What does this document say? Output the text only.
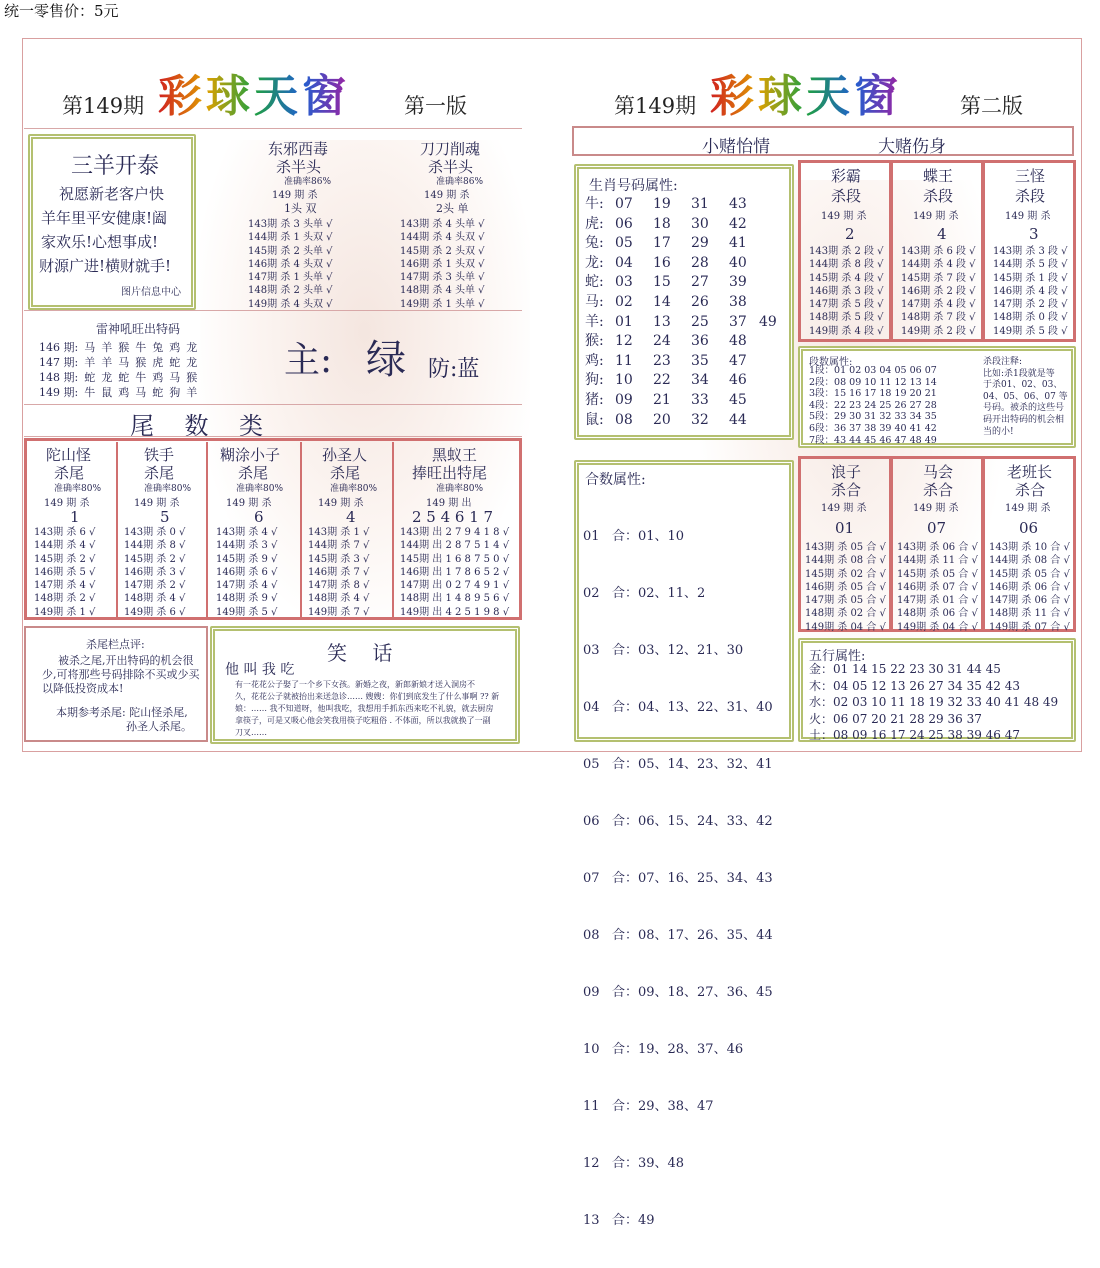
统一零售价：5元
第149期 彩球天窗	第一版
三羊开泰
祝愿新老客户快
羊年里平安健康!阖
家欢乐!心想事成!
财源广进!横财就手!
图片信息中心
东邪西毒
杀半头
准确率86%
149 期 杀
1头 双

143期 杀 3 头单 √

144期 杀 1 头双 √

145期 杀 2 头单 √

146期 杀 4 头双 √

147期 杀 1 头单 √

148期 杀 2 头单 √

149期 杀 4 头双 √

刀刀削魂
杀半头
准确率86%
149 期 杀
2头 单

143期 杀 4 头单 √

144期 杀 4 头双 √

145期 杀 2 头双 √

146期 杀 1 头双 √

147期 杀 3 头单 √

148期 杀 4 头单 √

149期 杀 1 头单 √

雷神吼旺出特码
146 期:	马	羊	猴	牛	兔	鸡	龙
147 期:	羊	羊	马	猴	虎	蛇	龙
148 期:	蛇	龙	蛇	牛	鸡	马	猴
149 期:	牛	鼠	鸡	马	蛇	狗	羊
主: 绿 防:蓝
尾    数    类
陀山怪
杀尾
准确率80%
149 期 杀
1

143期 杀 6 √

144期 杀 4 √

145期 杀 2 √

146期 杀 5 √

147期 杀 4 √

148期 杀 2 √

149期 杀 1 √

铁手
杀尾
准确率80%
149 期 杀
5

143期 杀 0 √

144期 杀 8 √

145期 杀 2 √

146期 杀 3 √

147期 杀 2 √

148期 杀 4 √

149期 杀 6 √

糊涂小子
杀尾
准确率80%
149 期 杀
6

143期 杀 4 √

144期 杀 3 √

145期 杀 9 √

146期 杀 6 √

147期 杀 4 √

148期 杀 9 √

149期 杀 5 √

孙圣人
杀尾
准确率80%
149 期 杀
4

143期 杀 1 √

144期 杀 7 √

145期 杀 3 √

146期 杀 7 √

147期 杀 8 √

148期 杀 4 √

149期 杀 7 √

黑蚁王
捧旺出特尾
准确率80%
149 期 出
2 5 4 6 1 7

143期 出 2 7 9 4 1 8 √

144期 出 2 8 7 5 1 4 √

145期 出 1 6 8 7 5 0 √

146期 出 1 7 8 6 5 2 √

147期 出 0 2 7 4 9 1 √

148期 出 1 4 8 9 5 6 √

149期 出 4 2 5 1 9 8 √

杀尾栏点评:
被杀之尾,开出特码的机会很
少,可将那些号码排除不买或少买
以降低投资成本!
本期参考杀尾: 陀山怪杀尾,
孙圣人杀尾。
笑    话
他 叫 我 吃
有一花花公子娶了一个乡下女孩。新婚之夜，新郎新娘才送入洞房不
久，花花公子就被抬出来送急诊…… 嫂嫂：你们到底发生了什么事啊 ?? 新
娘：…… 我不知道呀，他叫我吃，我想用手抓东西来吃不礼貌，就去厨房
拿筷子，可是又吸心他会笑我用筷子吃粗俗 . 不体面，所以我就换了一副
刀叉……
第149期 彩球天窗	第二版
小赌怡情	大赌伤身
生肖号码属性:
牛:	07	19	31	43	
虎:	06	18	30	42	
兔:	05	17	29	41	
龙:	04	16	28	40	
蛇:	03	15	27	39	
马:	02	14	26	38	
羊:	01	13	25	37	49
猴:	12	24	36	48	
鸡:	11	23	35	47	
狗:	10	22	34	46	
猪:	09	21	33	45	
鼠:	08	20	32	44	
彩霸
杀段
149 期 杀
2

143期 杀 2 段 √

144期 杀 8 段 √

145期 杀 4 段 √

146期 杀 3 段 √

147期 杀 5 段 √

148期 杀 5 段 √

149期 杀 4 段 √

蝶王
杀段
149 期 杀
4

143期 杀 6 段 √

144期 杀 4 段 √

145期 杀 7 段 √

146期 杀 2 段 √

147期 杀 4 段 √

148期 杀 7 段 √

149期 杀 2 段 √

三怪
杀段
149 期 杀
3

143期 杀 3 段 √

144期 杀 5 段 √

145期 杀 1 段 √

146期 杀 4 段 √

147期 杀 2 段 √

148期 杀 0 段 √

149期 杀 5 段 √

段数属性:
1段：01 02 03 04 05 06 07
2段：08 09 10 11 12 13 14
3段：15 16 17 18 19 20 21
4段：22 23 24 25 26 27 28
5段：29 30 31 32 33 34 35
6段：36 37 38 39 40 41 42
7段：43 44 45 46 47 48 49
杀段注释:
比如:杀1段就是等
于杀01、02、03、
04、05、06、07 等
号码。被杀的这些号
码开出特码的机会相
当的小!
合数属性:

01   合：01、10

02   合：02、11、2

03   合：03、12、21、30

04   合：04、13、22、31、40

05   合：05、14、23、32、41

06   合：06、15、24、33、42

07   合：07、16、25、34、43

08   合：08、17、26、35、44

09   合：09、18、27、36、45

10   合：19、28、37、46

11   合：29、38、47

12   合：39、48

13   合：49

浪子
杀合
149 期 杀
01

143期 杀 05 合 √

144期 杀 08 合 √

145期 杀 02 合 √

146期 杀 05 合 √

147期 杀 05 合 √

148期 杀 02 合 √

149期 杀 04 合 √

马会
杀合
149 期 杀
07

143期 杀 06 合 √

144期 杀 11 合 √

145期 杀 05 合 √

146期 杀 07 合 √

147期 杀 01 合 √

148期 杀 06 合 √

149期 杀 04 合 √

老班长
杀合
149 期 杀
06

143期 杀 10 合 √

144期 杀 08 合 √

145期 杀 05 合 √

146期 杀 06 合 √

147期 杀 06 合 √

148期 杀 11 合 √

149期 杀 07 合 √

五行属性:
金：01 14 15 22 23 30 31 44 45
木：04 05 12 13 26 27 34 35 42 43
水：02 03 10 11 18 19 32 33 40 41 48 49
火：06 07 20 21 28 29 36 37
土：08 09 16 17 24 25 38 39 46 47
